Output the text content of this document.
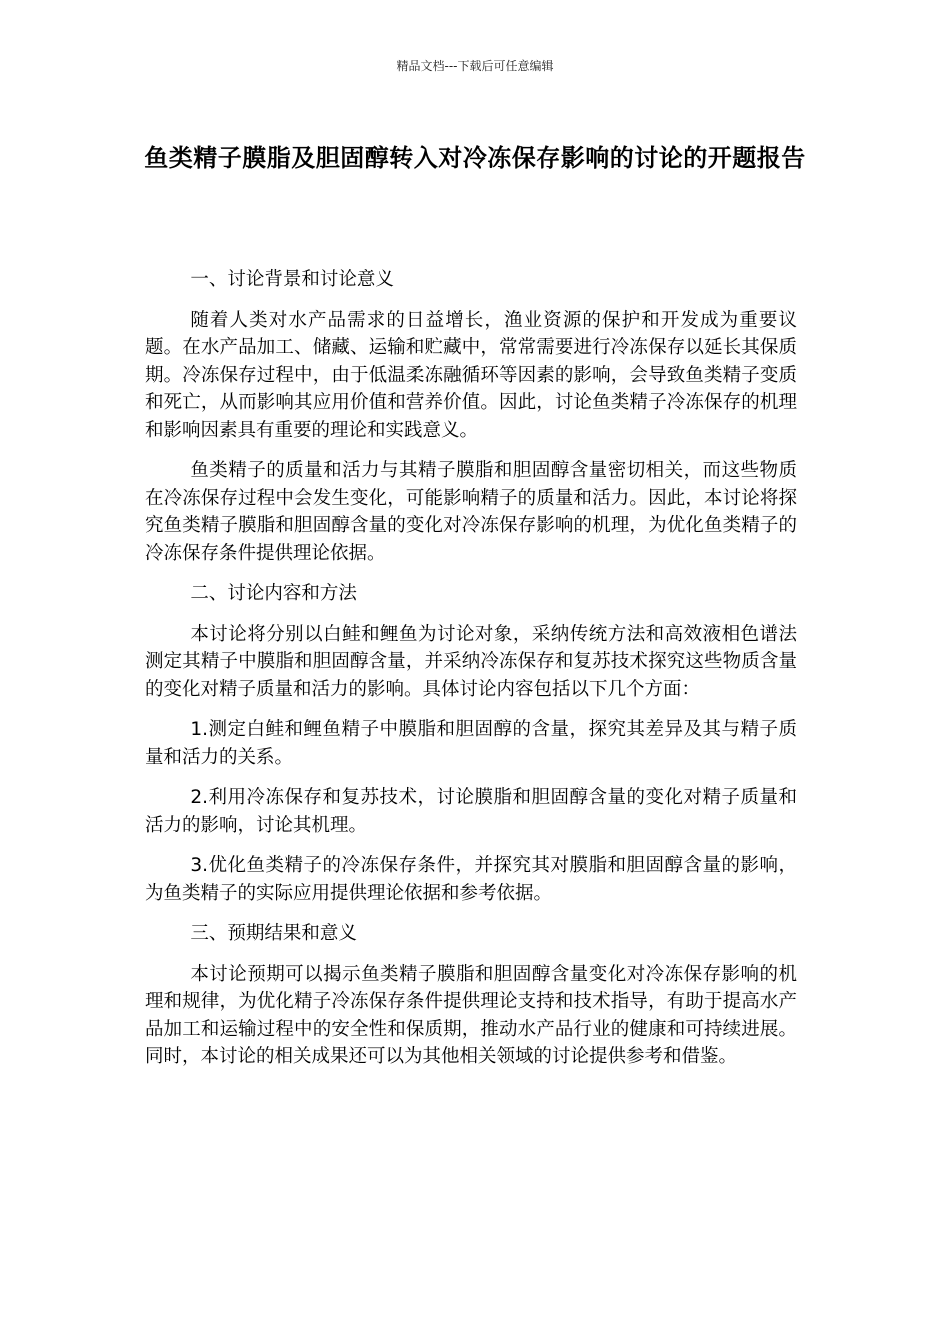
精品文档---下载后可任意编辑
鱼类精子膜脂及胆固醇转入对冷冻保存影响的讨论的开题报告

一、讨论背景和讨论意义

随着人类对水产品需求的日益增长，渔业资源的保护和开发成为重要议题。在水产品加工、储藏、运输和贮藏中，常常需要进行冷冻保存以延长其保质期。冷冻保存过程中，由于低温柔冻融循环等因素的影响，会导致鱼类精子变质和死亡，从而影响其应用价值和营养价值。因此，讨论鱼类精子冷冻保存的机理和影响因素具有重要的理论和实践意义。

鱼类精子的质量和活力与其精子膜脂和胆固醇含量密切相关，而这些物质在冷冻保存过程中会发生变化，可能影响精子的质量和活力。因此，本讨论将探究鱼类精子膜脂和胆固醇含量的变化对冷冻保存影响的机理，为优化鱼类精子的冷冻保存条件提供理论依据。

二、讨论内容和方法

本讨论将分别以白鲑和鲤鱼为讨论对象，采纳传统方法和高效液相色谱法测定其精子中膜脂和胆固醇含量，并采纳冷冻保存和复苏技术探究这些物质含量的变化对精子质量和活力的影响。具体讨论内容包括以下几个方面：

1.测定白鲑和鲤鱼精子中膜脂和胆固醇的含量，探究其差异及其与精子质量和活力的关系。

2.利用冷冻保存和复苏技术，讨论膜脂和胆固醇含量的变化对精子质量和活力的影响，讨论其机理。

3.优化鱼类精子的冷冻保存条件，并探究其对膜脂和胆固醇含量的影响，为鱼类精子的实际应用提供理论依据和参考依据。

三、预期结果和意义

本讨论预期可以揭示鱼类精子膜脂和胆固醇含量变化对冷冻保存影响的机理和规律，为优化精子冷冻保存条件提供理论支持和技术指导，有助于提高水产品加工和运输过程中的安全性和保质期，推动水产品行业的健康和可持续进展。同时，本讨论的相关成果还可以为其他相关领域的讨论提供参考和借鉴。
